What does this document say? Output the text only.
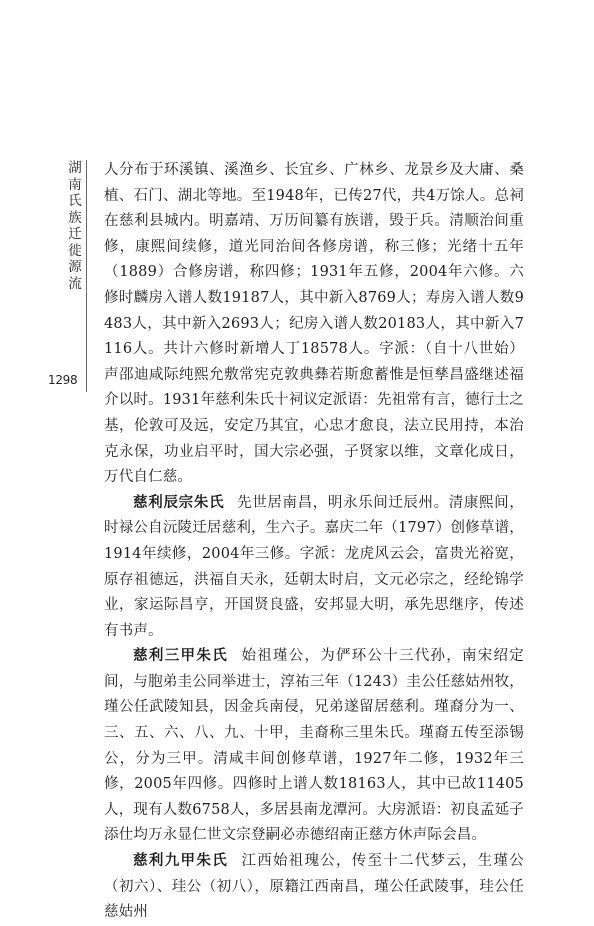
湖南氏族迁徙源流
1298

人分布于环溪镇、溪渔乡、长宜乡、广林乡、龙景乡及大庸、桑植、石门、湖北等地。至1948年，已传27代，共4万馀人。总祠在慈利县城内。明嘉靖、万历间纂有族谱，毁于兵。清顺治间重修，康熙间续修，道光同治间各修房谱，称三修；光绪十五年（1889）合修房谱，称四修；1931年五修，2004年六修。六修时麟房入谱人数19187人，其中新入8769人；寿房入谱人数9483人，其中新入2693人；纪房入谱人数20183人，其中新入7116人。共计六修时新增人丁18578人。字派：（自十八世始）声邵迪咸际纯熙允敷常宪克敦典彝若斯愈蓄惟是恒孳昌盛继述福介以时。1931年慈利朱氏十祠议定派语：先祖常有言，德行士之基，伦敦可及远，安定乃其宜，心忠才愈良，法立民用持，本治克永保，功业启平时，国大宗必强，子贤家以维，文章化成日，万代自仁慈。

慈利辰宗朱氏  先世居南昌，明永乐间迁辰州。清康熙间，时禄公自沅陵迁居慈利，生六子。嘉庆二年（1797）创修草谱，1914年续修，2004年三修。字派：龙虎风云会，富贵光裕宽，原存祖德远，洪福自天永，廷朝太时启，文元必宗之，经纶锦学业，家运际昌亨，开国贤良盛，安邦显大明，承先思继序，传述有书声。

慈利三甲朱氏  始祖瑾公，为俨环公十三代孙，南宋绍定间，与胞弟圭公同举进士，淳祐三年（1243）圭公任慈姑州牧，瑾公任武陵知县，因金兵南侵，兄弟遂留居慈利。瑾裔分为一、三、五、六、八、九、十甲，圭裔称三里朱氏。瑾裔五传至添锡公，分为三甲。清咸丰间创修草谱，1927年二修，1932年三修，2005年四修。四修时上谱人数18163人，其中已故11405人，现有人数6758人，多居县南龙潭河。大房派语：初良孟延子添仕均万永显仁世文宗登嗣必赤德绍南正慈方休声际会昌。

慈利九甲朱氏  江西始祖瑰公，传至十二代梦云，生瑾公（初六）、珪公（初八），原籍江西南昌，瑾公任武陵事，珪公任慈姑州
